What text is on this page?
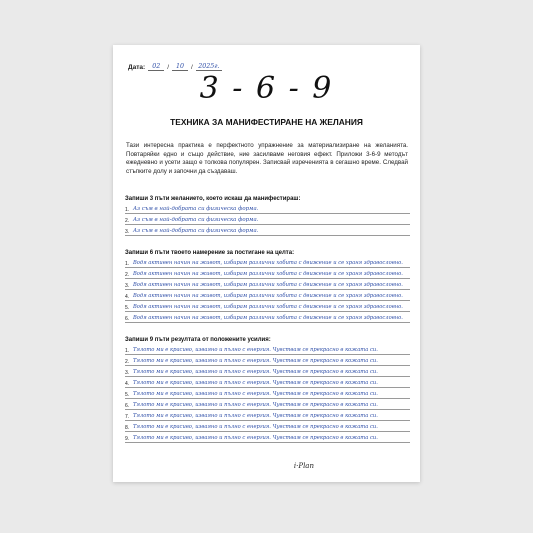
Дата:	02	/	10	/ 2025г.
3 - 6 - 9
ТЕХНИКА ЗА МАНИФЕСТИРАНЕ НА ЖЕЛАНИЯ

Тази интересна практика е перфектното упражнение за материализиране на желанията. Повтаряйки едно и също действие, ние засилваме неговия ефект. Приложи 3-6-9 методът ежедневно и усети защо е толкова популярен. Записвай изреченията в сегашно време. Следвай стъпките долу и започни да създаваш.

Запиши 3 пъти желанието, което искаш да манифестираш:
1. Аз съм в най-добрата си физическа форма.
2. Аз съм в най-добрата си физическа форма.
3. Аз съм в най-добрата си физическа форма.
Запиши 6 пъти твоето намерение за постигане на целта:
1. Водя активен начин на живот, избирам различни хобита с движение и се храня здравословно.
2. Водя активен начин на живот, избирам различни хобита с движение и се храня здравословно.
3. Водя активен начин на живот, избирам различни хобита с движение и се храня здравословно.
4. Водя активен начин на живот, избирам различни хобита с движение и се храня здравословно.
5. Водя активен начин на живот, избирам различни хобита с движение и се храня здравословно.
6. Водя активен начин на живот, избирам различни хобита с движение и се храня здравословно.
Запиши 9 пъти резултата от положените усилия:
1. Тялото ми е красиво, изваяно и пълно с енергия. Чувствам се прекрасно в кожата си.
2. Тялото ми е красиво, изваяно и пълно с енергия. Чувствам се прекрасно в кожата си.
3. Тялото ми е красиво, изваяно и пълно с енергия. Чувствам се прекрасно в кожата си.
4. Тялото ми е красиво, изваяно и пълно с енергия. Чувствам се прекрасно в кожата си.
5. Тялото ми е красиво, изваяно и пълно с енергия. Чувствам се прекрасно в кожата си.
6. Тялото ми е красиво, изваяно и пълно с енергия. Чувствам се прекрасно в кожата си.
7. Тялото ми е красиво, изваяно и пълно с енергия. Чувствам се прекрасно в кожата си.
8. Тялото ми е красиво, изваяно и пълно с енергия. Чувствам се прекрасно в кожата си.
9. Тялото ми е красиво, изваяно и пълно с енергия. Чувствам се прекрасно в кожата си.
i·Plan
